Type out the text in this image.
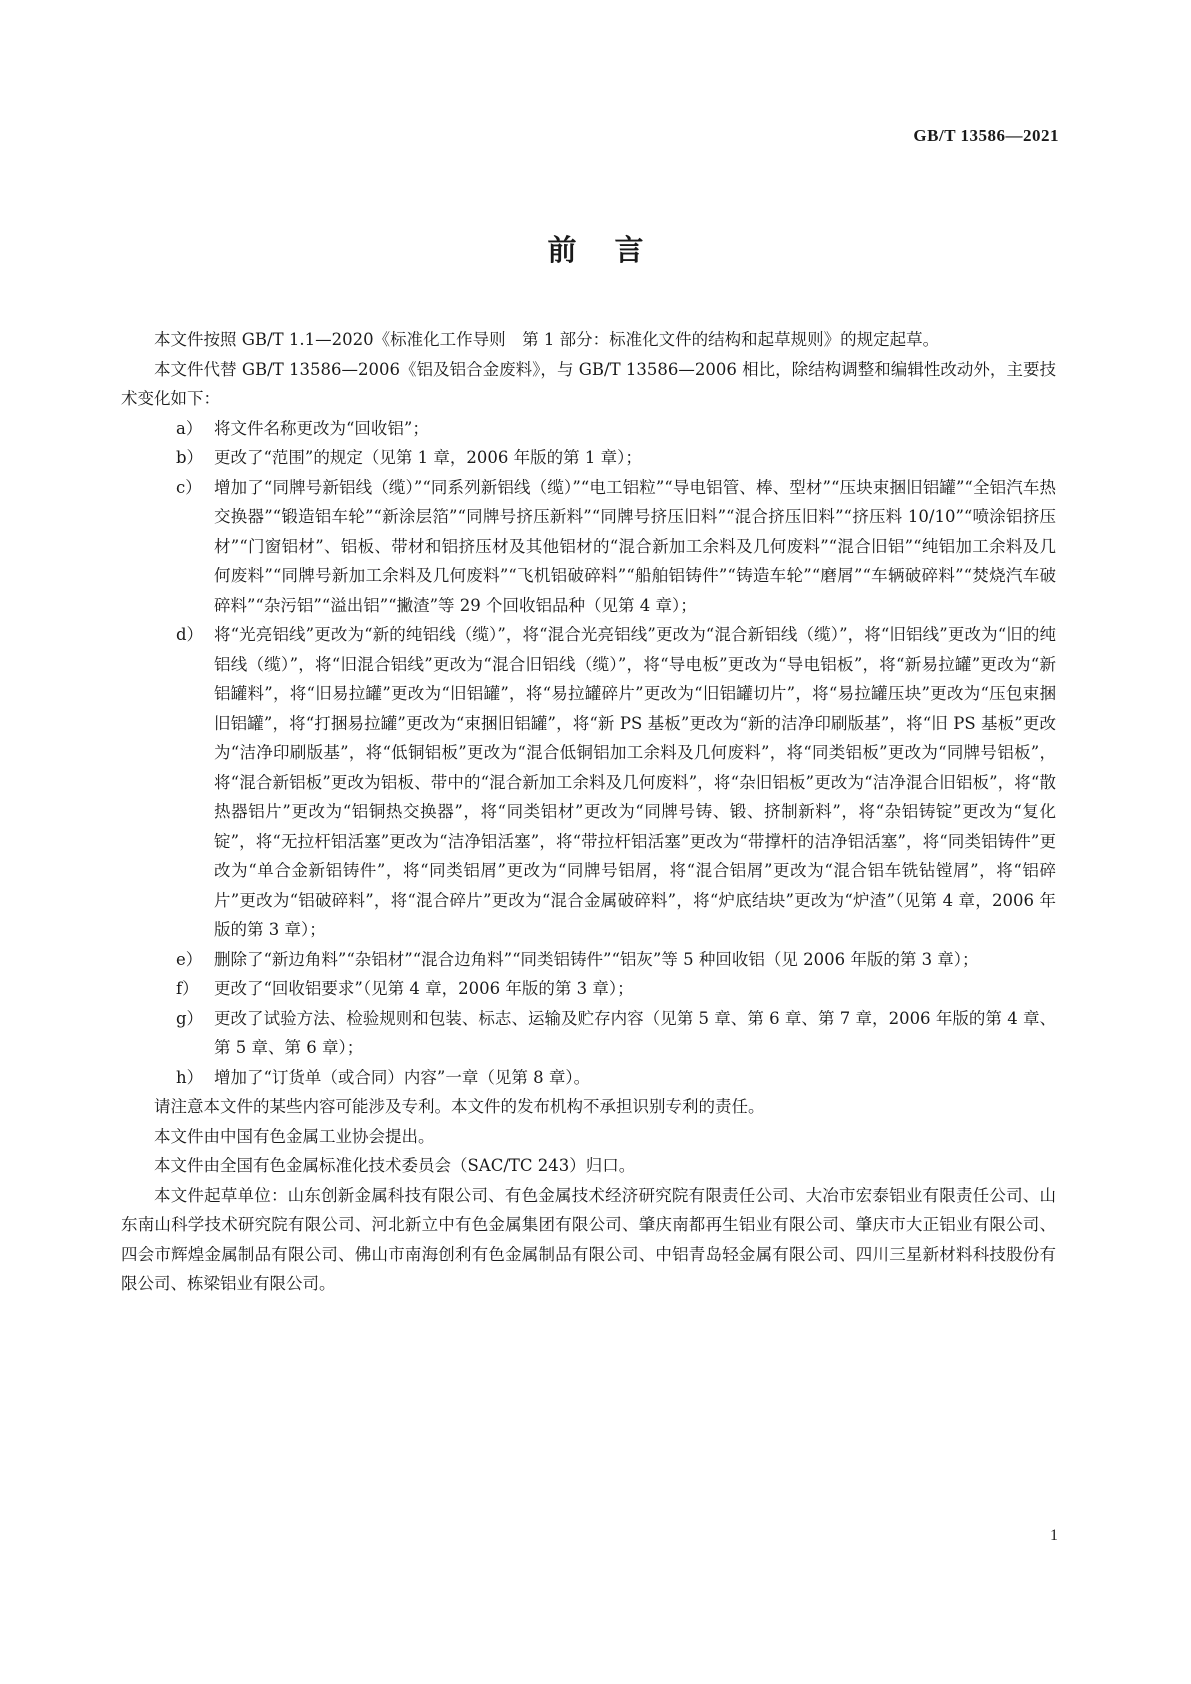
GB/T 13586—2021
前言

本文件按照 GB/T 1.1—2020《标准化工作导则　第 1 部分：标准化文件的结构和起草规则》的规定起草。

本文件代替 GB/T 13586—2006《铝及铝合金废料》，与 GB/T 13586—2006 相比，除结构调整和编辑性改动外，主要技术变化如下：

a） 将文件名称更改为“回收铝”；
b） 更改了“范围”的规定（见第 1 章，2006 年版的第 1 章）；
c） 增加了“同牌号新铝线（缆）”“同系列新铝线（缆）”“电工铝粒”“导电铝管、棒、型材”“压块束捆旧铝罐”“全铝汽车热交换器”“锻造铝车轮”“新涂层箔”“同牌号挤压新料”“同牌号挤压旧料”“混合挤压旧料”“挤压料 10/10”“喷涂铝挤压材”“门窗铝材”、铝板、带材和铝挤压材及其他铝材的“混合新加工余料及几何废料”“混合旧铝”“纯铝加工余料及几何废料”“同牌号新加工余料及几何废料”“飞机铝破碎料”“船舶铝铸件”“铸造车轮”“磨屑”“车辆破碎料”“焚烧汽车破碎料”“杂污铝”“溢出铝”“撇渣”等 29 个回收铝品种（见第 4 章）；
d） 将“光亮铝线”更改为“新的纯铝线（缆）”，将“混合光亮铝线”更改为“混合新铝线（缆）”，将“旧铝线”更改为“旧的纯铝线（缆）”，将“旧混合铝线”更改为“混合旧铝线（缆）”，将“导电板”更改为“导电铝板”，将“新易拉罐”更改为“新铝罐料”，将“旧易拉罐”更改为“旧铝罐”，将“易拉罐碎片”更改为“旧铝罐切片”，将“易拉罐压块”更改为“压包束捆旧铝罐”，将“打捆易拉罐”更改为“束捆旧铝罐”，将“新 PS 基板”更改为“新的洁净印刷版基”，将“旧 PS 基板”更改为“洁净印刷版基”，将“低铜铝板”更改为“混合低铜铝加工余料及几何废料”，将“同类铝板”更改为“同牌号铝板”，将“混合新铝板”更改为铝板、带中的“混合新加工余料及几何废料”，将“杂旧铝板”更改为“洁净混合旧铝板”，将“散热器铝片”更改为“铝铜热交换器”，将“同类铝材”更改为“同牌号铸、锻、挤制新料”，将“杂铝铸锭”更改为“复化锭”，将“无拉杆铝活塞”更改为“洁净铝活塞”，将“带拉杆铝活塞”更改为“带撑杆的洁净铝活塞”，将“同类铝铸件”更改为“单合金新铝铸件”，将“同类铝屑”更改为“同牌号铝屑，将“混合铝屑”更改为“混合铝车铣钻镗屑”，将“铝碎片”更改为“铝破碎料”，将“混合碎片”更改为“混合金属破碎料”，将“炉底结块”更改为“炉渣”（见第 4 章，2006 年版的第 3 章）；
e） 删除了“新边角料”“杂铝材”“混合边角料”“同类铝铸件”“铝灰”等 5 种回收铝（见 2006 年版的第 3 章）；
f） 更改了“回收铝要求”（见第 4 章，2006 年版的第 3 章）；
g） 更改了试验方法、检验规则和包装、标志、运输及贮存内容（见第 5 章、第 6 章、第 7 章，2006 年版的第 4 章、第 5 章、第 6 章）；
h） 增加了“订货单（或合同）内容”一章（见第 8 章）。

请注意本文件的某些内容可能涉及专利。本文件的发布机构不承担识别专利的责任。

本文件由中国有色金属工业协会提出。

本文件由全国有色金属标准化技术委员会（SAC/TC 243）归口。

本文件起草单位：山东创新金属科技有限公司、有色金属技术经济研究院有限责任公司、大冶市宏泰铝业有限责任公司、山东南山科学技术研究院有限公司、河北新立中有色金属集团有限公司、肇庆南都再生铝业有限公司、肇庆市大正铝业有限公司、四会市辉煌金属制品有限公司、佛山市南海创利有色金属制品有限公司、中铝青岛轻金属有限公司、四川三星新材料科技股份有限公司、栋梁铝业有限公司。

1
